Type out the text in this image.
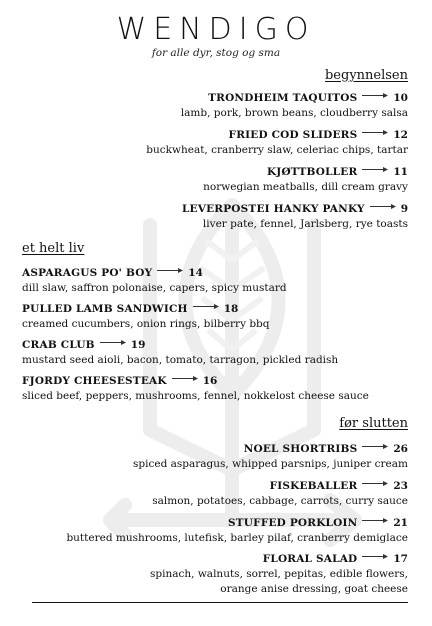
WENDIGO
for alle dyr, stog og sma
begynnelsen
TRONDHEIM TAQUITOS	10
lamb, pork, brown beans, cloudberry salsa
FRIED COD SLIDERS	12
buckwheat, cranberry slaw, celeriac chips, tartar
KJØTTBOLLER	11
norwegian meatballs, dill cream gravy
LEVERPOSTEI HANKY PANKY	9
liver pate, fennel, Jarlsberg, rye toasts
et helt liv
ASPARAGUS PO' BOY	14
dill slaw, saffron polonaise, capers, spicy mustard
PULLED LAMB SANDWICH	18
creamed cucumbers, onion rings, bilberry bbq
CRAB CLUB	19
mustard seed aioli, bacon, tomato, tarragon, pickled radish
FJORDY CHEESESTEAK	16
sliced beef, peppers, mushrooms, fennel, nokkelost cheese sauce
før slutten
NOEL SHORTRIBS	26
spiced asparagus, whipped parsnips, juniper cream
FISKEBALLER	23
salmon, potatoes, cabbage, carrots, curry sauce
STUFFED PORKLOIN	21
buttered mushrooms, lutefisk, barley pilaf, cranberry demiglace
FLORAL SALAD	17
spinach, walnuts, sorrel, pepitas, edible flowers,
orange anise dressing, goat cheese
